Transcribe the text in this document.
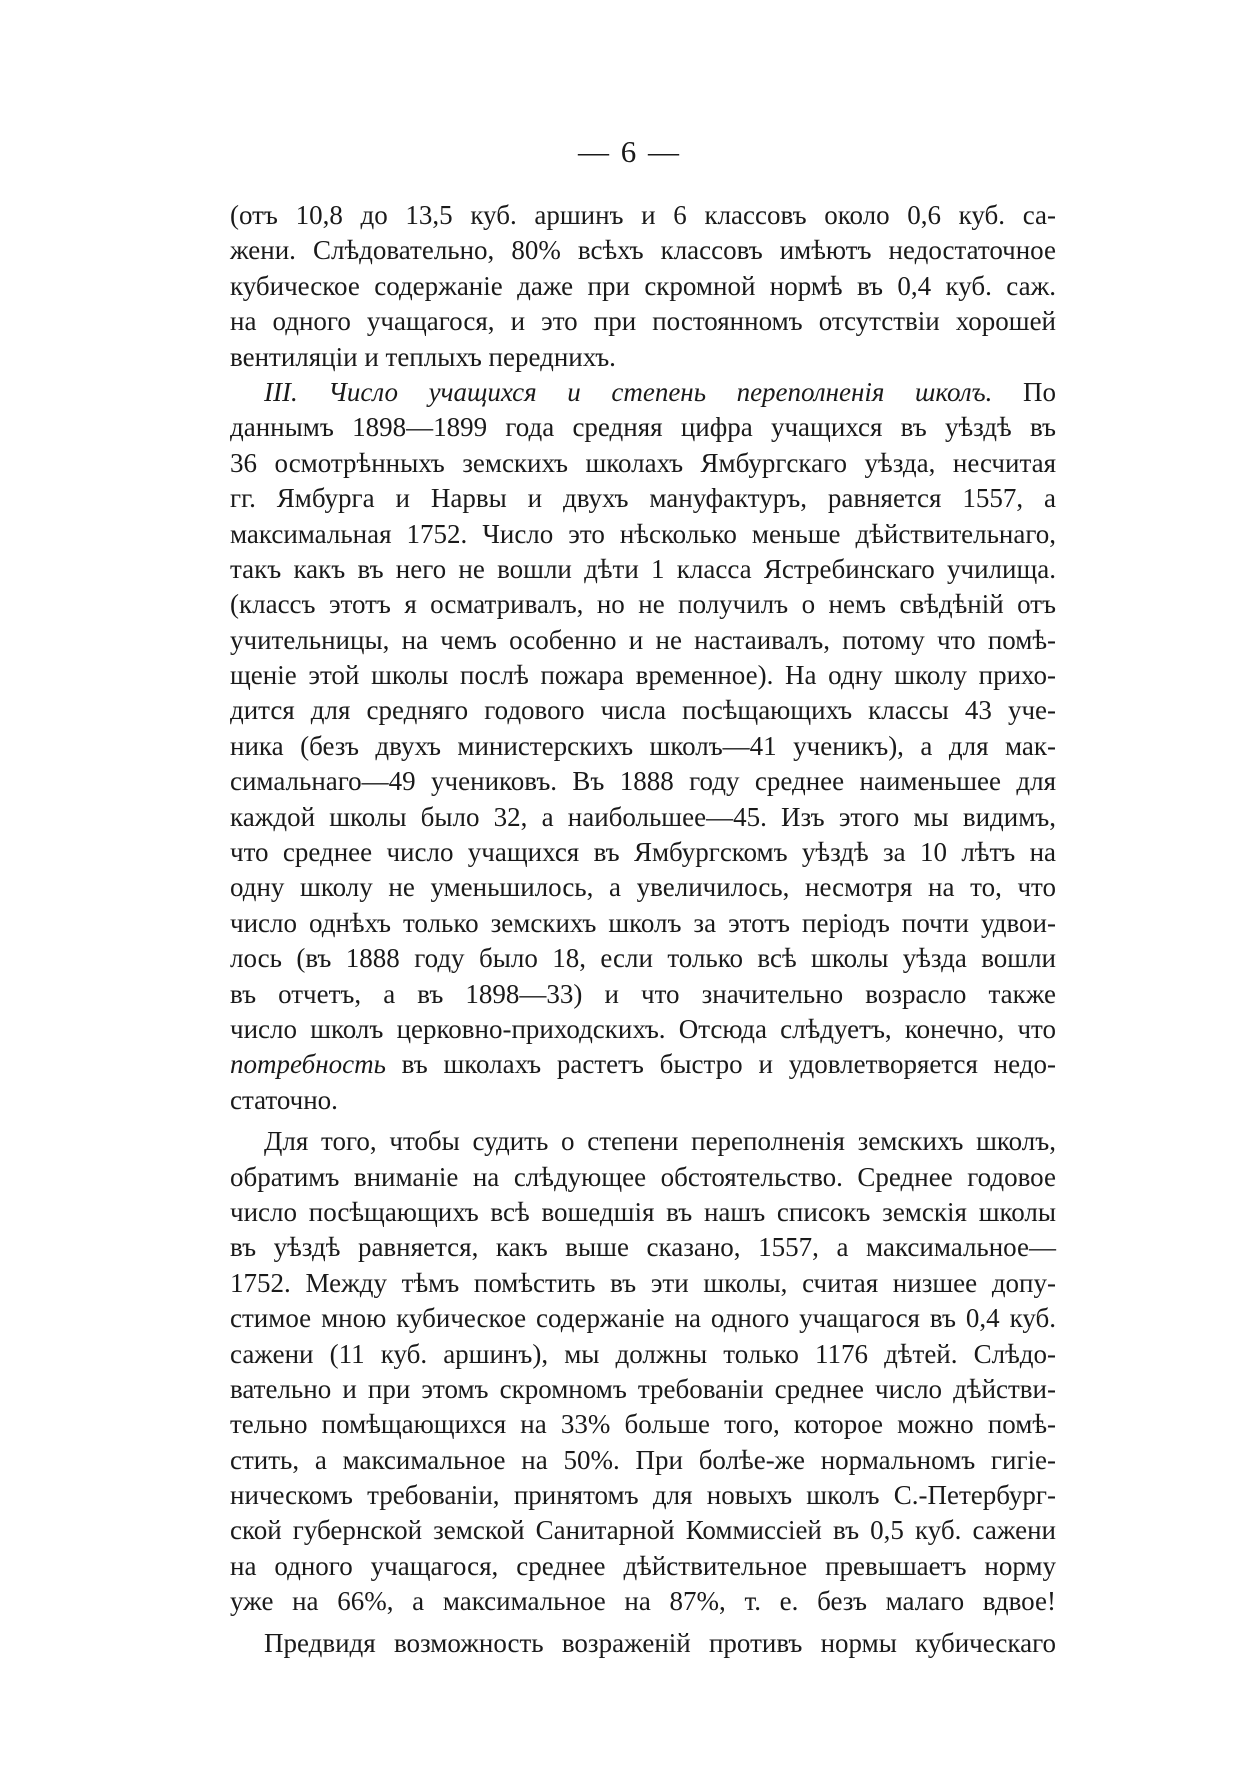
— 6 —
(отъ 10,8 до 13,5 куб. аршинъ и 6 классовъ около 0,6 куб. са-
жени. Слѣдовательно, 80% всѣхъ классовъ имѣютъ недостаточное
кубическое содержаніе даже при скромной нормѣ въ 0,4 куб. саж.
на одного учащагося, и это при постоянномъ отсутствіи хорошей
вентиляціи и теплыхъ переднихъ.
III. Число учащихся и степень переполненія школъ. По
даннымъ 1898—1899 года средняя цифра учащихся въ уѣздѣ въ
36 осмотрѣнныхъ земскихъ школахъ Ямбургскаго уѣзда, несчитая
гг. Ямбурга и Нарвы и двухъ мануфактуръ, равняется 1557, а
максимальная 1752. Число это нѣсколько меньше дѣйствительнаго,
такъ какъ въ него не вошли дѣти 1 класса Ястребинскаго училища.
(классъ этотъ я осматривалъ, но не получилъ о немъ свѣдѣній отъ
учительницы, на чемъ особенно и не настаивалъ, потому что помѣ-
щеніе этой школы послѣ пожара временное). На одну школу прихо-
дится для средняго годового числа посѣщающихъ классы 43 уче-
ника (безъ двухъ министерскихъ школъ—41 ученикъ), а для мак-
симальнаго—49 учениковъ. Въ 1888 году среднее наименьшее для
каждой школы было 32, а наибольшее—45. Изъ этого мы видимъ,
что среднее число учащихся въ Ямбургскомъ уѣздѣ за 10 лѣтъ на
одну школу не уменьшилось, а увеличилось, несмотря на то, что
число однѣхъ только земскихъ школъ за этотъ періодъ почти удвои-
лось (въ 1888 году было 18, если только всѣ школы уѣзда вошли
въ отчетъ, а въ 1898—33) и что значительно возрасло также
число школъ церковно-приходскихъ. Отсюда слѣдуетъ, конечно, что
потребность въ школахъ растетъ быстро и удовлетворяется недо-
статочно.
Для того, чтобы судить о степени переполненія земскихъ школъ,
обратимъ вниманіе на слѣдующее обстоятельство. Среднее годовое
число посѣщающихъ всѣ вошедшія въ нашъ списокъ земскія школы
въ уѣздѣ равняется, какъ выше сказано, 1557, а максимальное—
1752. Между тѣмъ помѣстить въ эти школы, считая низшее допу-
стимое мною кубическое содержаніе на одного учащагося въ 0,4 куб.
сажени (11 куб. аршинъ), мы должны только 1176 дѣтей. Слѣдо-
вательно и при этомъ скромномъ требованіи среднее число дѣйстви-
тельно помѣщающихся на 33% больше того, которое можно помѣ-
стить, а максимальное на 50%. При болѣе-же нормальномъ гигіе-
ническомъ требованіи, принятомъ для новыхъ школъ С.-Петербург-
ской губернской земской Санитарной Коммиссіей въ 0,5 куб. сажени
на одного учащагося, среднее дѣйствительное превышаетъ норму
уже на 66%, а максимальное на 87%, т. е. безъ малаго вдвое!
Предвидя возможность возраженій противъ нормы кубическаго
